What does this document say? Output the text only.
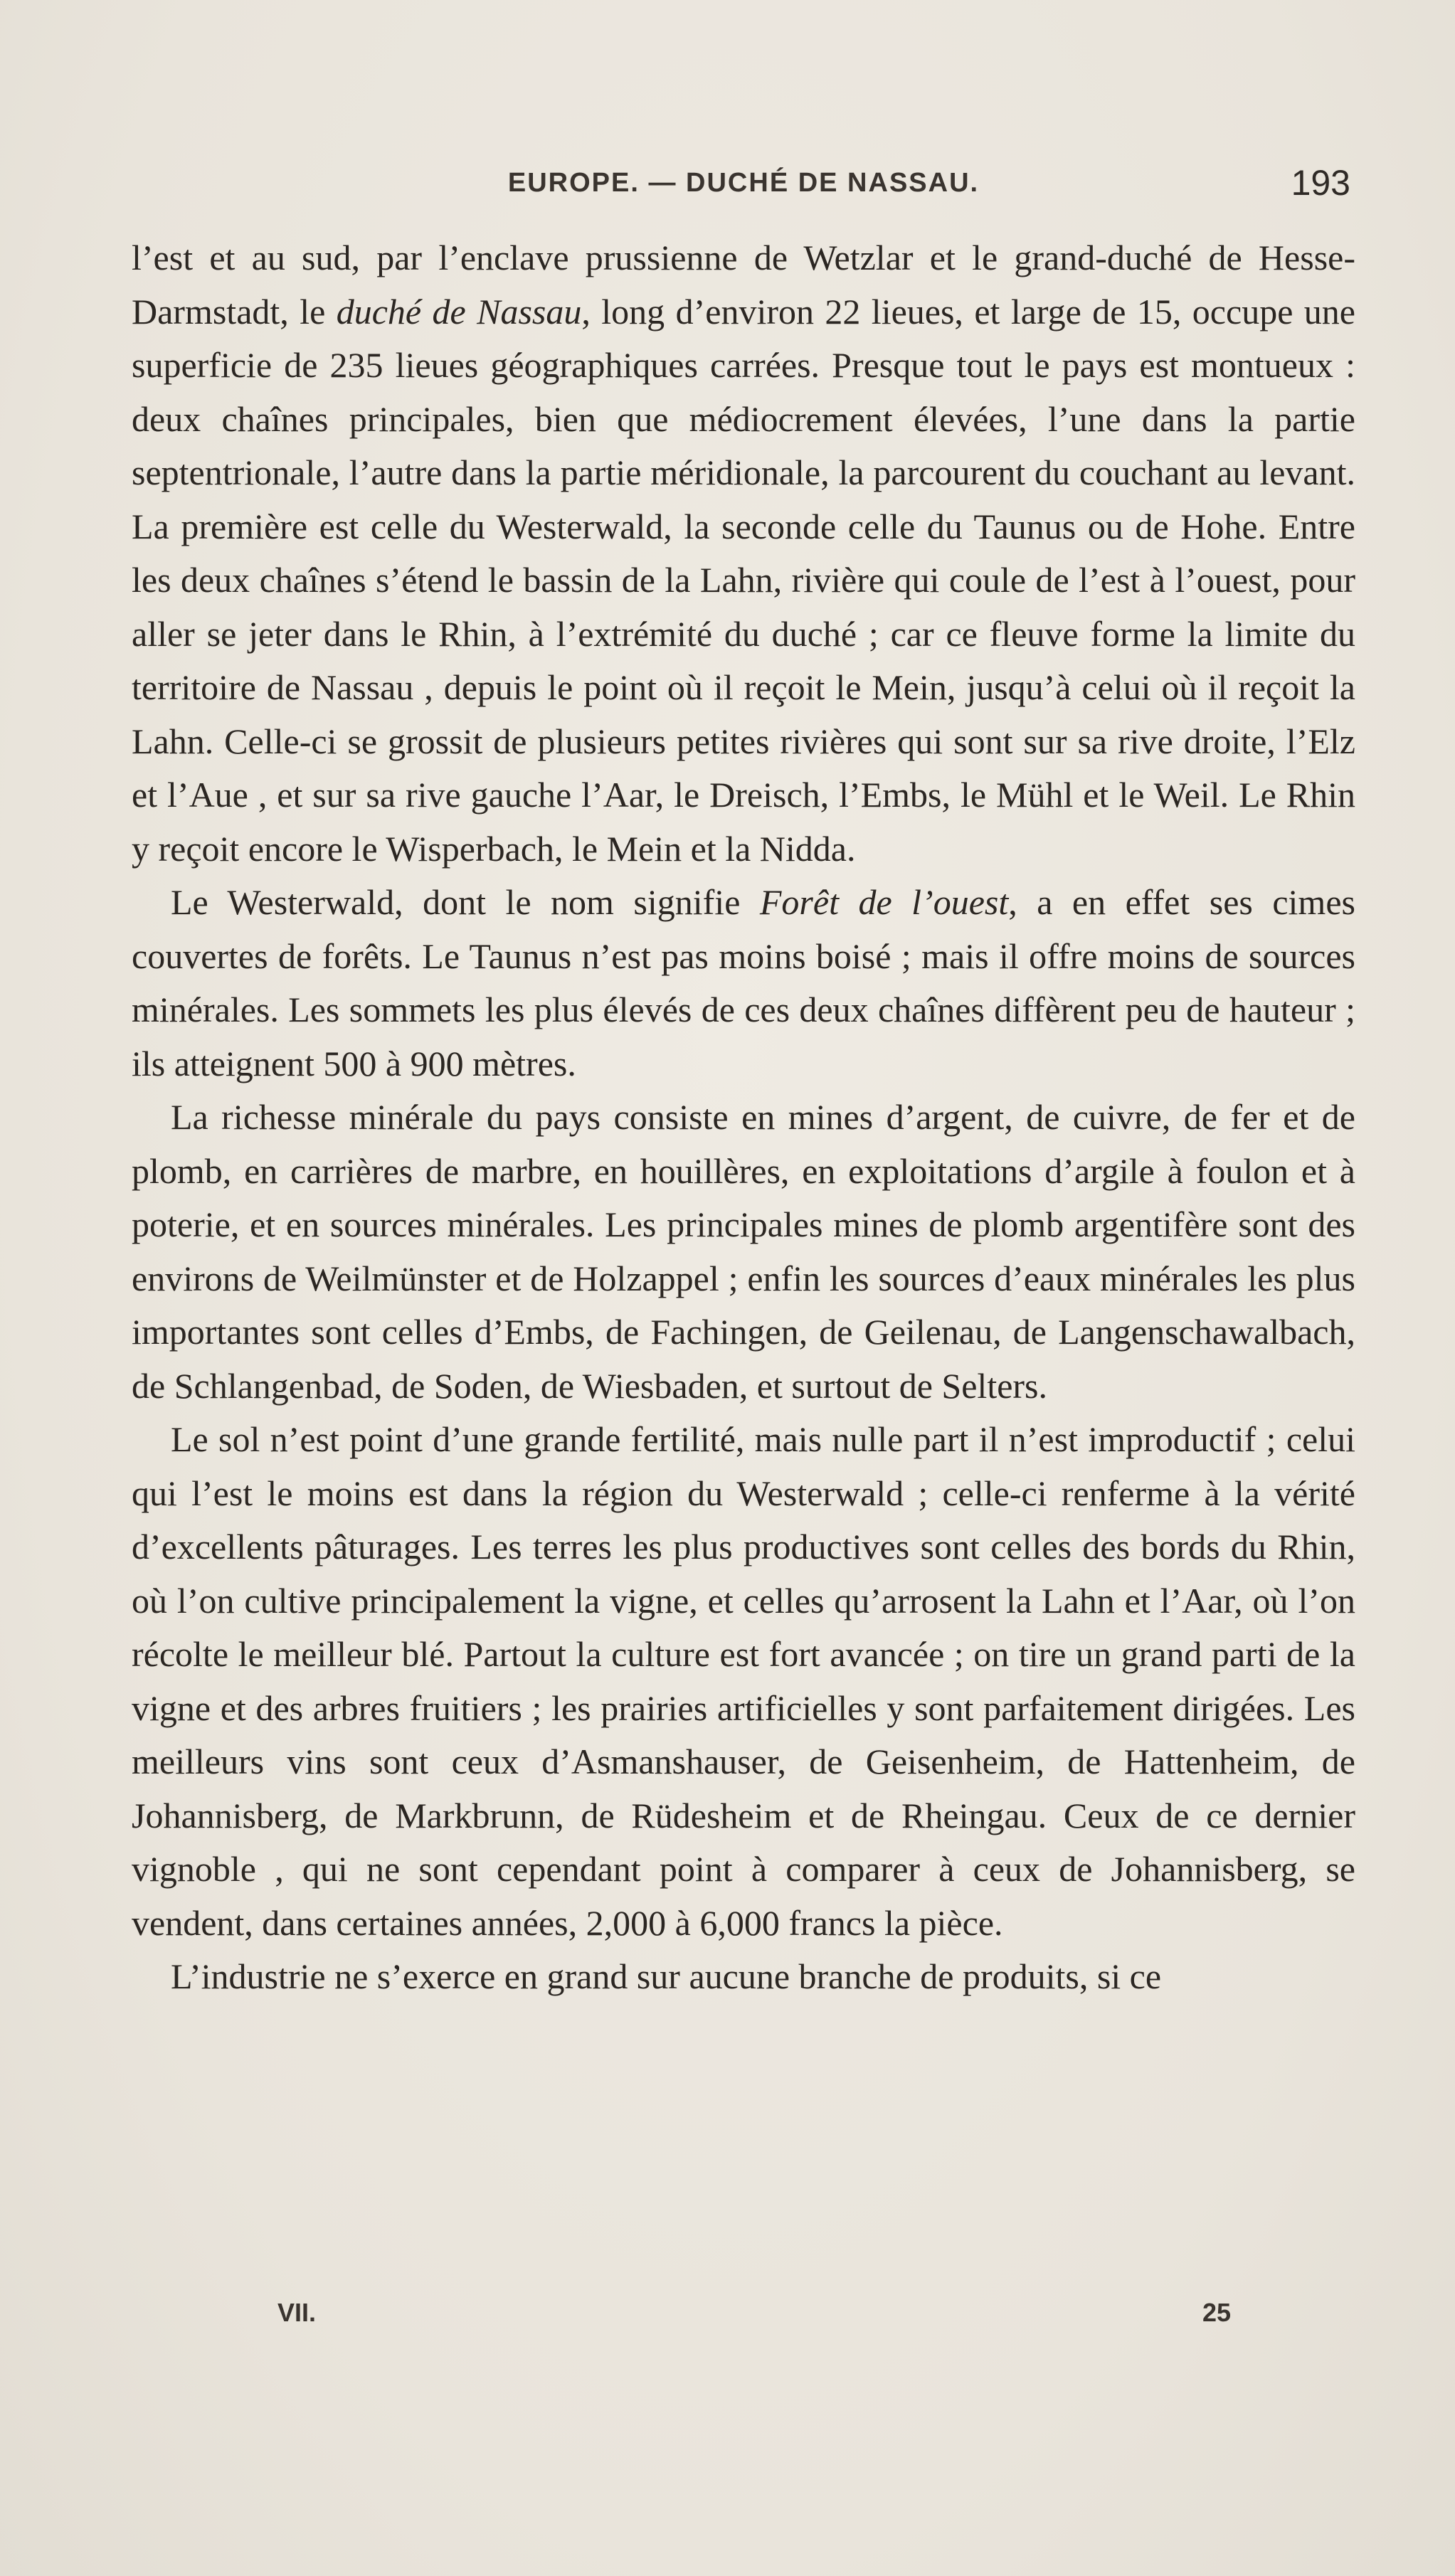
EUROPE. — DUCHÉ DE NASSAU.	193

l’est et au sud, par l’enclave prussienne de Wetzlar et le grand-duché de Hesse-Darmstadt, le duché de Nassau, long d’environ 22 lieues, et large de 15, occupe une superficie de 235 lieues géographiques carrées. Presque tout le pays est montueux : deux chaînes principales, bien que médiocrement élevées, l’une dans la partie septentrionale, l’autre dans la partie méridionale, la parcourent du couchant au levant. La première est celle du Westerwald, la seconde celle du Taunus ou de Hohe. Entre les deux chaînes s’étend le bassin de la Lahn, rivière qui coule de l’est à l’ouest, pour aller se jeter dans le Rhin, à l’extrémité du duché ; car ce fleuve forme la limite du territoire de Nassau , depuis le point où il reçoit le Mein, jusqu’à celui où il reçoit la Lahn. Celle-ci se grossit de plusieurs petites rivières qui sont sur sa rive droite, l’Elz et l’Aue , et sur sa rive gauche l’Aar, le Dreisch, l’Embs, le Mühl et le Weil. Le Rhin y reçoit encore le Wisperbach, le Mein et la Nidda.

Le Westerwald, dont le nom signifie Forêt de l’ouest, a en effet ses cimes couvertes de forêts. Le Taunus n’est pas moins boisé ; mais il offre moins de sources minérales. Les sommets les plus élevés de ces deux chaînes diffèrent peu de hauteur ; ils atteignent 500 à 900 mètres.

La richesse minérale du pays consiste en mines d’argent, de cuivre, de fer et de plomb, en carrières de marbre, en houillères, en exploitations d’argile à foulon et à poterie, et en sources minérales. Les principales mines de plomb argentifère sont des environs de Weilmünster et de Holzappel ; enfin les sources d’eaux minérales les plus importantes sont celles d’Embs, de Fachingen, de Geilenau, de Langenschawalbach, de Schlangenbad, de Soden, de Wiesbaden, et surtout de Selters.

Le sol n’est point d’une grande fertilité, mais nulle part il n’est improductif ; celui qui l’est le moins est dans la région du Westerwald ; celle-ci renferme à la vérité d’excellents pâturages. Les terres les plus productives sont celles des bords du Rhin, où l’on cultive principalement la vigne, et celles qu’arrosent la Lahn et l’Aar, où l’on récolte le meilleur blé. Partout la culture est fort avancée ; on tire un grand parti de la vigne et des arbres fruitiers ; les prairies artificielles y sont parfaitement dirigées. Les meilleurs vins sont ceux d’Asmanshauser, de Geisenheim, de Hattenheim, de Johannisberg, de Markbrunn, de Rüdesheim et de Rheingau. Ceux de ce dernier vignoble , qui ne sont cependant point à comparer à ceux de Johannisberg, se vendent, dans certaines années, 2,000 à 6,000 francs la pièce.

L’industrie ne s’exerce en grand sur aucune branche de produits, si ce

VII.	25
